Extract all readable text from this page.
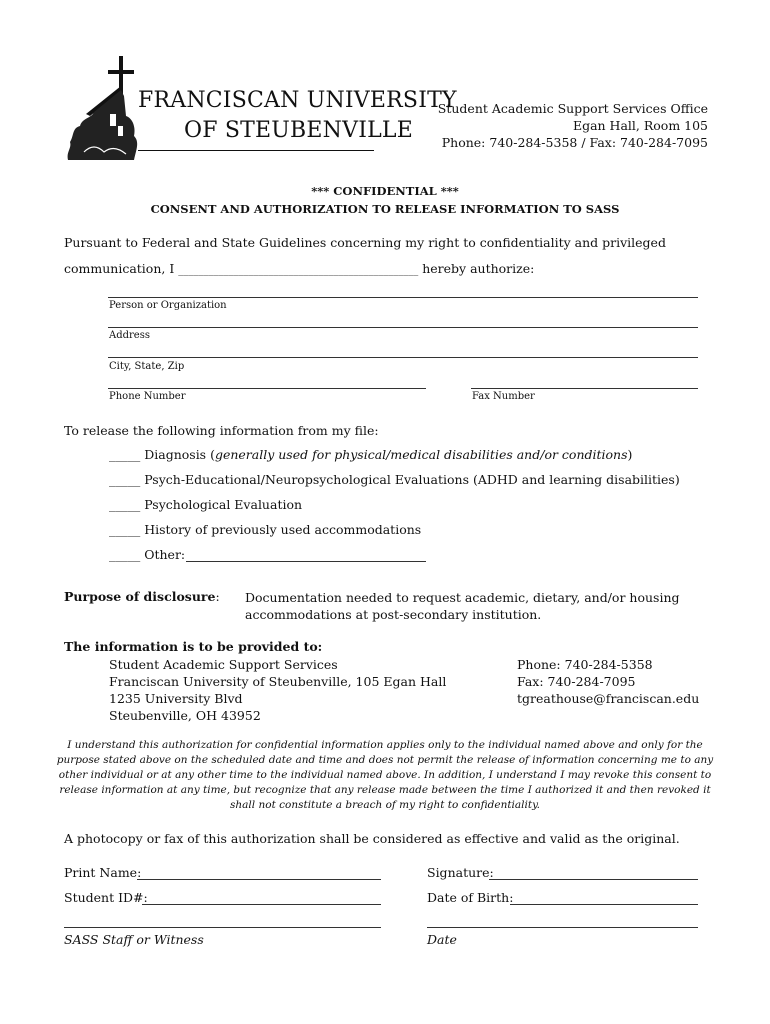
FRANCISCAN UNIVERSITY
OF STEUBENVILLE
Student Academic Support Services Office
Egan Hall, Room 105
Phone: 740-284-5358 / Fax: 740-284-7095
*** CONFIDENTIAL ***
CONSENT AND AUTHORIZATION TO RELEASE INFORMATION TO SASS
Pursuant to Federal and State Guidelines concerning my right to confidentiality and privileged
communication, I ________________________________________________ hereby authorize:
Person or Organization
Address
City, State, Zip
Phone Number	Fax Number
To release the following information from my file:
_____ Diagnosis (generally used for physical/medical disabilities and/or conditions)
_____ Psych-Educational/Neuropsychological Evaluations (ADHD and learning disabilities)
_____ Psychological Evaluation
_____ History of previously used accommodations
_____ Other:
Purpose of disclosure: Documentation needed to request academic, dietary, and/or housing
accommodations at post-secondary institution.
The information is to be provided to:
Student Academic Support Services
Franciscan University of Steubenville, 105 Egan Hall
1235 University Blvd
Steubenville, OH 43952
Phone: 740-284-5358
Fax: 740-284-7095
tgreathouse@franciscan.edu
I understand this authorization for confidential information applies only to the individual named above and only for the
purpose stated above on the scheduled date and time and does not permit the release of information concerning me to any
other individual or at any other time to the individual named above. In addition, I understand I may revoke this consent to
release information at any time, but recognize that any release made between the time I authorized it and then revoked it
shall not constitute a breach of my right to confidentiality.
A photocopy or fax of this authorization shall be considered as effective and valid as the original.
Print Name:	Signature:
Student ID#:	Date of Birth:
SASS Staff or Witness	Date
